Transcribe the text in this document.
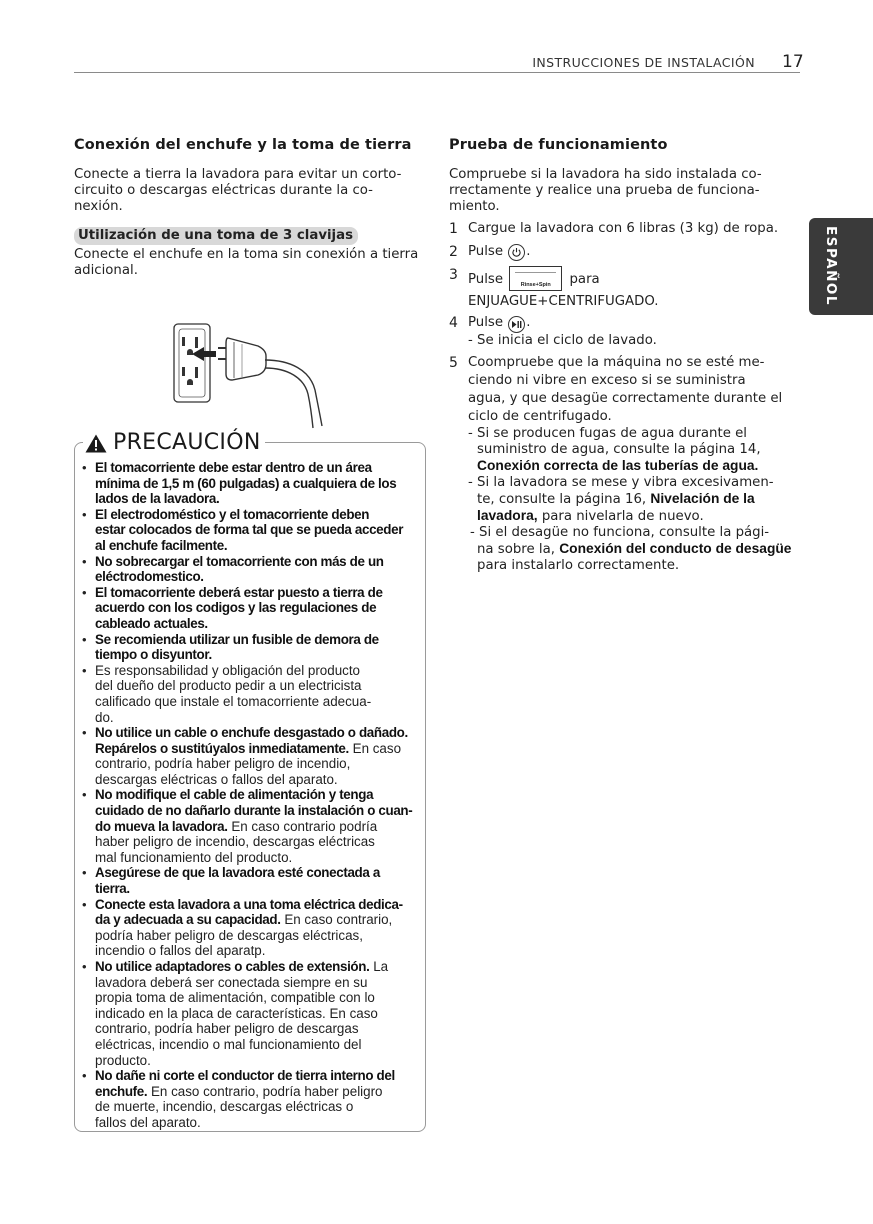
INSTRUCCIONES DE INSTALACIÓN 17
ESPAÑOL
Conexión del enchufe y la toma de tierra
Conecte a tierra la lavadora para evitar un corto-
circuito o descargas eléctricas durante la co-
nexión.
Utilización de una toma de 3 clavijas
Conecte el enchufe en la toma sin conexión a tierra
adicional.
PRECAUCIÓN
• El tomacorriente debe estar dentro de un área
mínima de 1,5 m (60 pulgadas) a cualquiera de los
lados de la lavadora.
• El electrodoméstico y el tomacorriente deben
estar colocados de forma tal que se pueda acceder
al enchufe facilmente.
• No sobrecargar el tomacorriente con más de un
eléctrodomestico.
• El tomacorriente deberá estar puesto a tierra de
acuerdo con los codigos y las regulaciones de
cableado actuales.
• Se recomienda utilizar un fusible de demora de
tiempo o disyuntor.
• Es responsabilidad y obligación del producto
del dueño del producto pedir a un electricista
calificado que instale el tomacorriente adecua-
do.
• No utilice un cable o enchufe desgastado o dañado.
Repárelos o sustitúyalos inmediatamente. En caso
contrario, podría haber peligro de incendio,
descargas eléctricas o fallos del aparato.
• No modifique el cable de alimentación y tenga
cuidado de no dañarlo durante la instalación o cuan-
do mueva la lavadora. En caso contrario podría
haber peligro de incendio, descargas eléctricas
mal funcionamiento del producto.
• Asegúrese de que la lavadora esté conectada a
tierra.
• Conecte esta lavadora a una toma eléctrica dedica-
da y adecuada a su capacidad. En caso contrario,
podría haber peligro de descargas eléctricas,
incendio o fallos del aparatp.
• No utilice adaptadores o cables de extensión. La
lavadora deberá ser conectada siempre en su
propia toma de alimentación, compatible con lo
indicado en la placa de características. En caso
contrario, podría haber peligro de descargas
eléctricas, incendio o mal funcionamiento del
producto.
• No dañe ni corte el conductor de tierra interno del
enchufe. En caso contrario, podría haber peligro
de muerte, incendio, descargas eléctricas o
fallos del aparato.
Prueba de funcionamiento
Compruebe si la lavadora ha sido instalada co-
rrectamente y realice una prueba de funciona-
miento.
1 Cargue la lavadora con 6 libras (3 kg) de ropa.
2 Pulse .
3 Pulse	Rinse+Spin	para
ENJUAGUE+CENTRIFUGADO.
4 Pulse .
- Se inicia el ciclo de lavado.
5 Coompruebe que la máquina no se esté me-
ciendo ni vibre en exceso si se suministra
agua, y que desagüe correctamente durante el
ciclo de centrifugado.
- Si se producen fugas de agua durante el
suministro de agua, consulte la página 14,
Conexión correcta de las tuberías de agua.
- Si la lavadora se mese y vibra excesivamen-
te, consulte la página 16, Nivelación de la
lavadora, para nivelarla de nuevo.
- Si el desagüe no funciona, consulte la pági-
na sobre la, Conexión del conducto de desagüe
para instalarlo correctamente.
